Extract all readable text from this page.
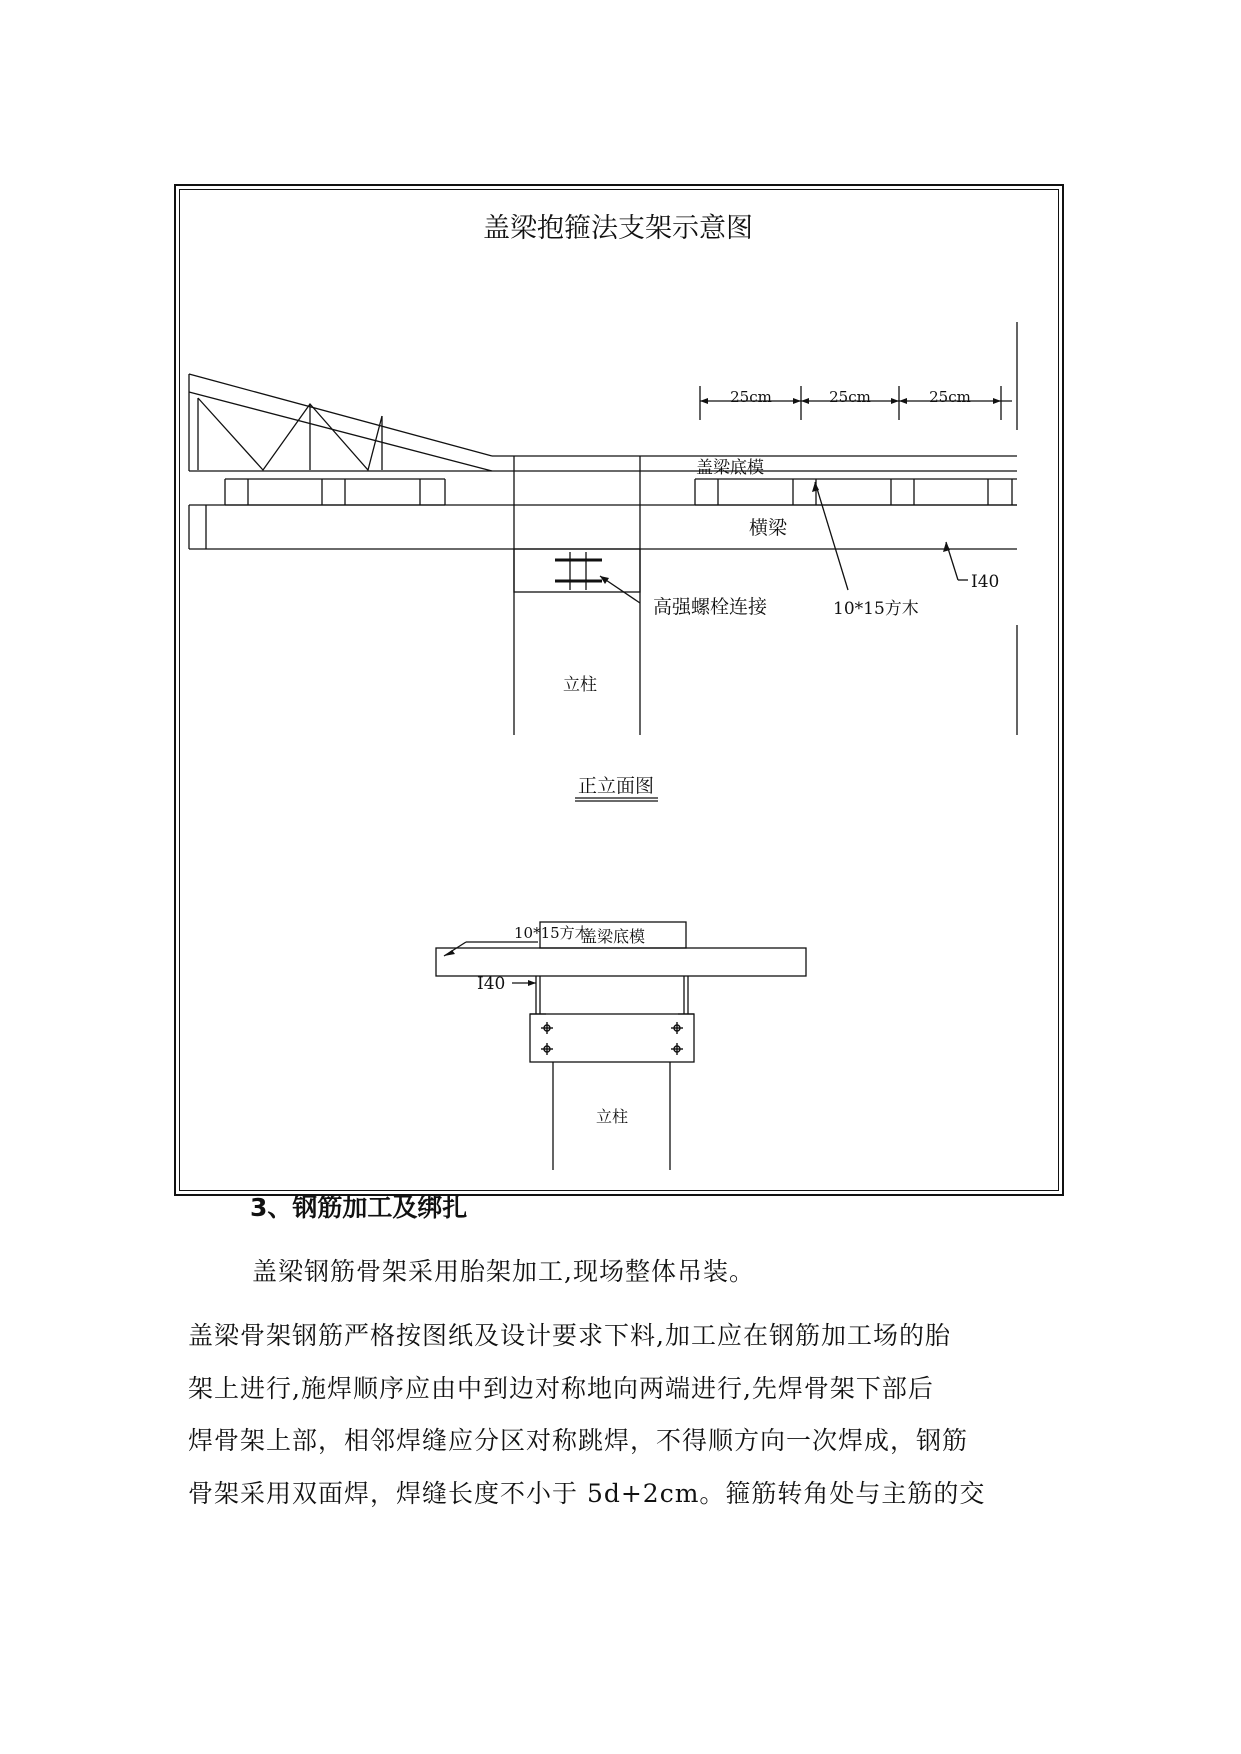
盖梁抱箍法支架示意图
25cm	25cm	25cm
盖梁底模
横梁
I40
高强螺栓连接	10*15方木
立柱
正立面图
10*15方木
盖梁底模
I40
立柱
3、钢筋加工及绑扎
盖梁钢筋骨架采用胎架加工,现场整体吊装。
盖梁骨架钢筋严格按图纸及设计要求下料,加工应在钢筋加工场的胎
架上进行,施焊顺序应由中到边对称地向两端进行,先焊骨架下部后
焊骨架上部，相邻焊缝应分区对称跳焊，不得顺方向一次焊成，钢筋
骨架采用双面焊，焊缝长度不小于 5d+2cm。箍筋转角处与主筋的交
